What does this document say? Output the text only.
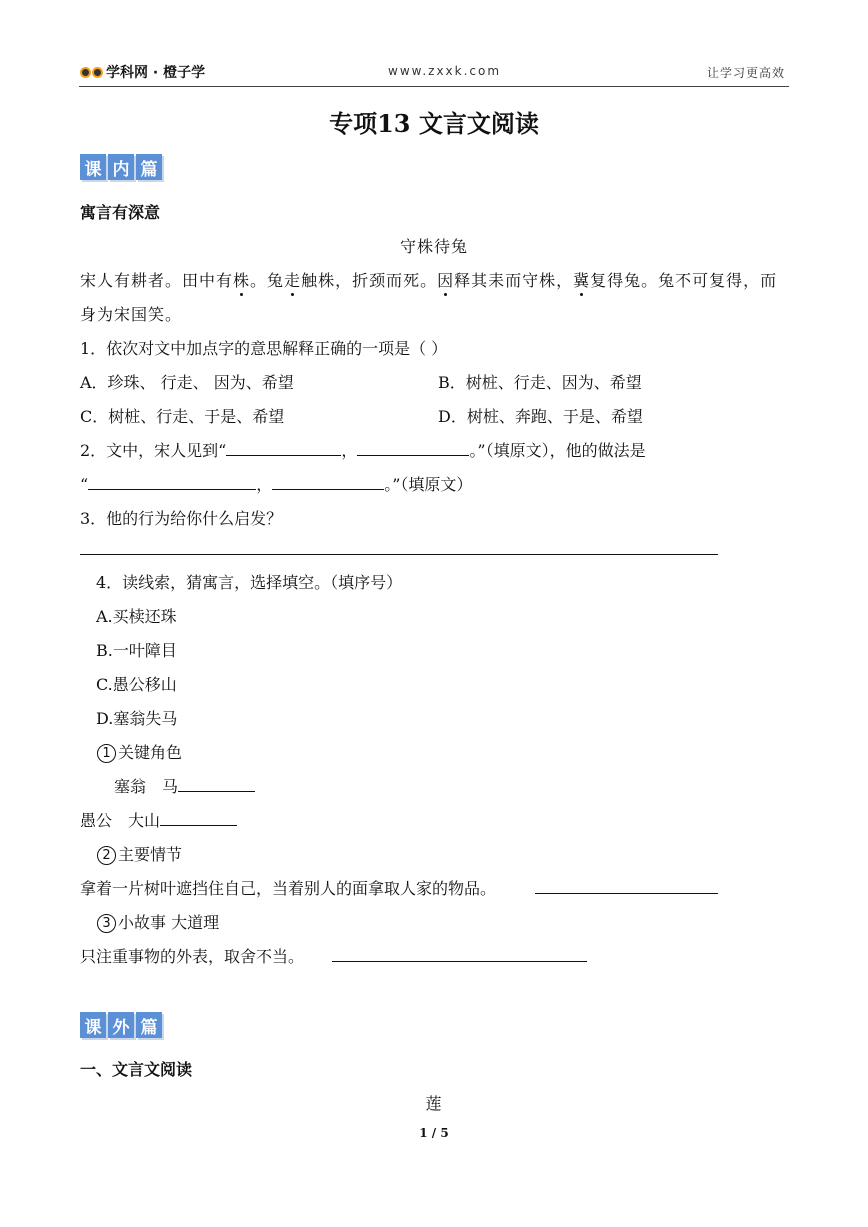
学科网 · 橙子学	www.zxxk.com	让学习更高效
专项13 文言文阅读
课 内 篇
寓言有深意
守株待兔
宋人有耕者。田中有株。兔走触株，折颈而死。因释其耒而守株，冀复得兔。兔不可复得，而
身为宋国笑。
1．依次对文中加点字的意思解释正确的一项是（ ）
A．珍珠、 行走、 因为、希望	B．树桩、行走、因为、希望
C．树桩、行走、于是、希望	D．树桩、奔跑、于是、希望
2．文中，宋人见到“	，	。”（填原文），他的做法是
“	，	。”（填原文）
3．他的行为给你什么启发？
4．读线索，猜寓言，选择填空。（填序号）
A.买椟还珠
B.一叶障目
C.愚公移山
D.塞翁失马
1 关键角色
塞翁　马
愚公　大山
2 主要情节
拿着一片树叶遮挡住自己，当着别人的面拿取人家的物品。
3 小故事 大道理
只注重事物的外表，取舍不当。
课 外 篇
一、文言文阅读
莲
1 / 5
